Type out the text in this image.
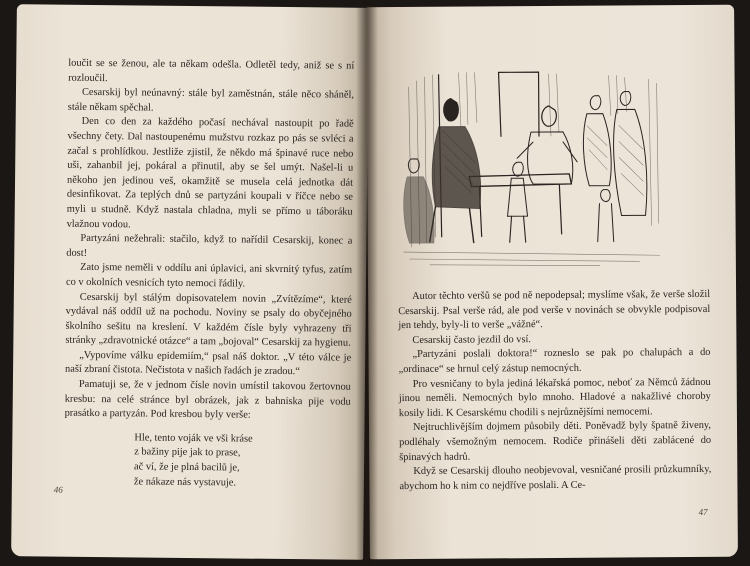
loučit se se ženou, ale ta někam odešla. Odletěl tedy, aniž se s ní rozloučil.

Cesarskij byl neúnavný: stále byl zaměstnán, stále něco sháněl, stále někam spěchal.

Den co den za každého počasí nechával nastoupit po řadě všechny čety. Dal nastoupenému mužstvu rozkaz po pás se svléci a začal s prohlídkou. Jestliže zjistil, že někdo má špinavé ruce nebo uši, zahanbil jej, pokáral a přinutil, aby se šel umýt. Našel-li u někoho jen jedinou veš, okamžitě se musela celá jednotka dát desinfikovat. Za teplých dnů se partyzáni koupali v říčce nebo se myli u studně. Když nastala chladna, myli se přímo u táboráku vlažnou vodou.

Partyzáni nežehrali: stačilo, když to nařídil Cesarskij, konec a dost!

Zato jsme neměli v oddílu ani úplavici, ani skvrnitý tyfus, zatím co v okolních vesnicích tyto nemoci řádily.

Cesarskij byl stálým dopisovatelem novin „Zvítězíme“, které vydával náš oddíl už na pochodu. Noviny se psaly do obyčejného školního sešitu na kreslení. V každém čísle byly vyhrazeny tři stránky „zdravotnické otázce“ a tam „bojoval“ Cesarskij za hygienu.

„Vypovíme válku epidemiím,“ psal náš doktor. „V této válce je naší zbraní čistota. Nečistota v našich řadách je zradou.“

Pamatuji se, že v jednom čísle novin umístil takovou žertovnou kresbu: na celé stránce byl obrázek, jak z bahniska pije vodu prasátko a partyzán. Pod kresbou byly verše:

Hle, tento voják ve vši kráse
z bažiny pije jak to prase,
ač ví, že je plná bacilů je,
že nákaze nás vystavuje.
46

Autor těchto veršů se pod ně nepodepsal; myslíme však, že verše složil Cesarskij. Psal verše rád, ale pod verše v novinách se obvykle podpisoval jen tehdy, byly-li to verše „vážné“.

Cesarskij často jezdil do vsí.

„Partyzáni poslali doktora!“ rozneslo se pak po chalupách a do „ordinace“ se hrnul celý zástup nemocných.

Pro vesničany to byla jediná lékařská pomoc, neboť za Němců žádnou jinou neměli. Nemocných bylo mnoho. Hladové a nakažlivé choroby kosily lidi. K Cesarskému chodili s nejrůznějšími nemocemi.

Nejtruchlivějším dojmem působily děti. Poněvadž byly špatně živeny, podléhaly všemožným nemocem. Rodiče přinášeli děti zablácené do špinavých hadrů.

Když se Cesarskij dlouho neobjevoval, vesničané prosili průzkumníky, abychom ho k nim co nejdříve poslali. A Ce-

47
